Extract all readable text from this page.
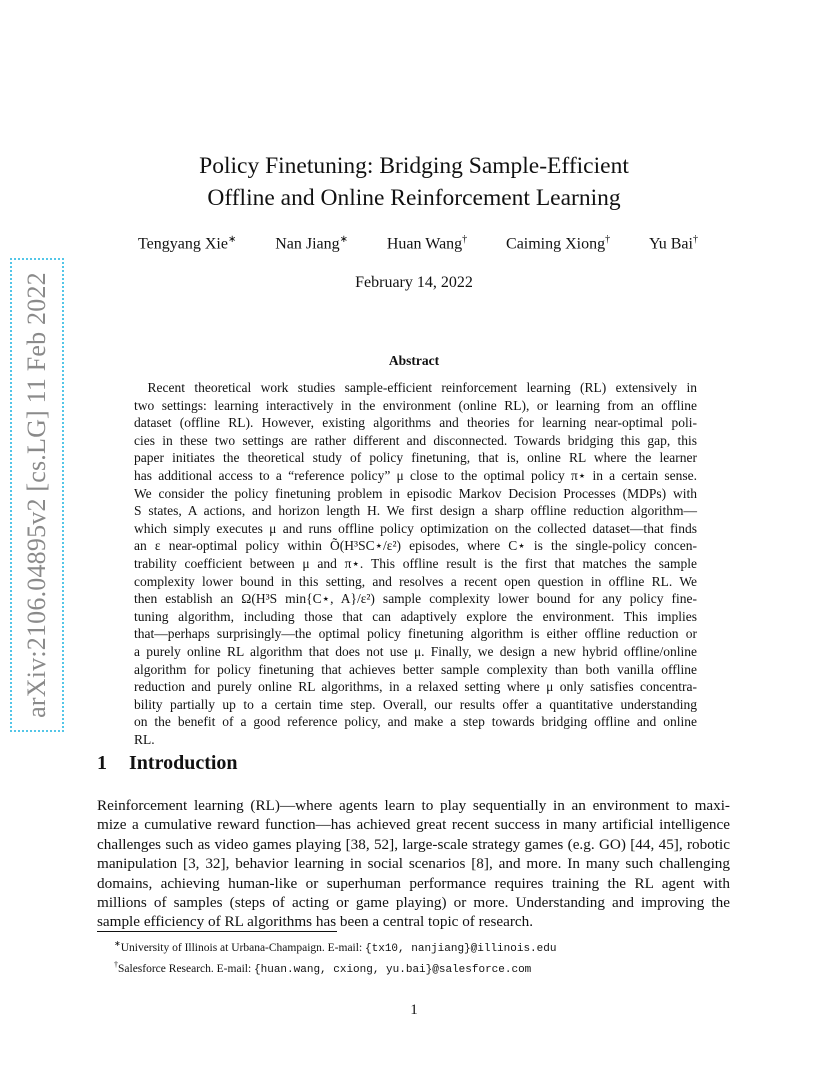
arXiv:2106.04895v2 [cs.LG] 11 Feb 2022
Policy Finetuning: Bridging Sample-Efficient
Offline and Online Reinforcement Learning
Tengyang Xie∗ Nan Jiang∗ Huan Wang† Caiming Xiong† Yu Bai†
February 14, 2022
Abstract
 Recent theoretical work studies sample-efficient reinforcement learning (RL) extensively in
two settings: learning interactively in the environment (online RL), or learning from an offline
dataset (offline RL). However, existing algorithms and theories for learning near-optimal poli-
cies in these two settings are rather different and disconnected. Towards bridging this gap, this
paper initiates the theoretical study of policy finetuning, that is, online RL where the learner
has additional access to a “reference policy” μ close to the optimal policy π⋆ in a certain sense.
We consider the policy finetuning problem in episodic Markov Decision Processes (MDPs) with
S states, A actions, and horizon length H. We first design a sharp offline reduction algorithm—
which simply executes μ and runs offline policy optimization on the collected dataset—that finds
an ε near-optimal policy within Õ(H³SC⋆/ε²) episodes, where C⋆ is the single-policy concen-
trability coefficient between μ and π⋆. This offline result is the first that matches the sample
complexity lower bound in this setting, and resolves a recent open question in offline RL. We
then establish an Ω(H³S min{C⋆, A}/ε²) sample complexity lower bound for any policy fine-
tuning algorithm, including those that can adaptively explore the environment. This implies
that—perhaps surprisingly—the optimal policy finetuning algorithm is either offline reduction or
a purely online RL algorithm that does not use μ. Finally, we design a new hybrid offline/online
algorithm for policy finetuning that achieves better sample complexity than both vanilla offline
reduction and purely online RL algorithms, in a relaxed setting where μ only satisfies concentra-
bility partially up to a certain time step. Overall, our results offer a quantitative understanding
on the benefit of a good reference policy, and make a step towards bridging offline and online
RL.
1 Introduction
Reinforcement learning (RL)—where agents learn to play sequentially in an environment to maxi-
mize a cumulative reward function—has achieved great recent success in many artificial intelligence
challenges such as video games playing [38, 52], large-scale strategy games (e.g. GO) [44, 45], robotic
manipulation [3, 32], behavior learning in social scenarios [8], and more. In many such challenging
domains, achieving human-like or superhuman performance requires training the RL agent with
millions of samples (steps of acting or game playing) or more. Understanding and improving the
sample efficiency of RL algorithms has been a central topic of research.
∗University of Illinois at Urbana-Champaign. E-mail: {tx10, nanjiang}@illinois.edu
†Salesforce Research. E-mail: {huan.wang, cxiong, yu.bai}@salesforce.com
1
